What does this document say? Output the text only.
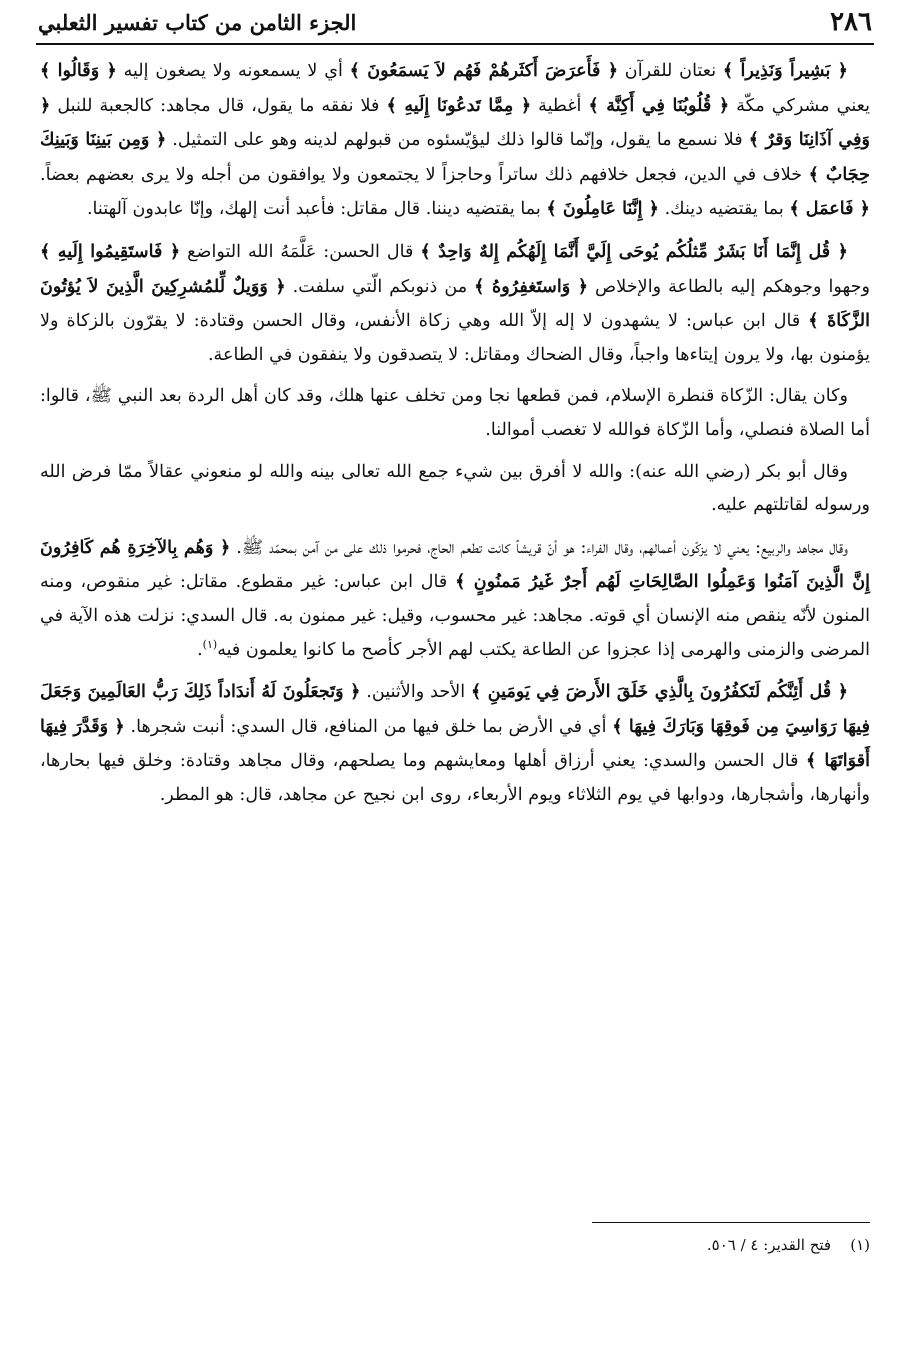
٢٨٦
الجزء الثامن من كتاب تفسير الثعلبي

﴿ بَشِيراً وَنَذِيراً ﴾ نعتان للقرآن ﴿ فَأَعرَضَ أَكثَرهُمْ فَهُم لاَ يَسمَعُونَ ﴾ أي لا يسمعونه ولا يصغون إليه ﴿ وَقَالُوا ﴾ يعني مشركي مكّة ﴿ قُلُوبُنَا فِي أَكِنَّة ﴾ أغطية ﴿ مِمَّا تَدعُونَا إِلَيهِ ﴾ فلا نفقه ما يقول، قال مجاهد: كالجعبة للنبل ﴿ وَفِي آذَانِنَا وَقرٌ ﴾ فلا نسمع ما يقول، وإنّما قالوا ذلك ليؤيّسئوه من قبولهم لدينه وهو على التمثيل. ﴿ وَمِن بَينِنَا وَبَينِكَ حِجَابٌ ﴾ خلاف في الدين، فجعل خلافهم ذلك ساتراً وحاجزاً لا يجتمعون ولا يوافقون من أجله ولا يرى بعضهم بعضاً. ﴿ فَاعمَل ﴾ بما يقتضيه دينك. ﴿ إِنَّنَا عَامِلُونَ ﴾ بما يقتضيه ديننا. قال مقاتل: فأعبد أنت إلهك، وإنّا عابدون آلهتنا.

﴿ قُل إِنَّمَا أَنَا بَشَرٌ مِّثلُكُم يُوحَى إِلَيَّ أَنَّمَا إِلَهُكُم إِلهٌ وَاحِدٌ ﴾ قال الحسن: عَلَّمَهُ الله التواضع ﴿ فَاستَقِيمُوا إِلَيهِ ﴾ وجهوا وجوهكم إليه بالطاعة والإخلاص ﴿ وَاستَغفِرُوهُ ﴾ من ذنوبكم الّتي سلفت. ﴿ وَوَيلٌ لِّلمُشرِكِينَ الَّذِينَ لاَ يُؤتُونَ الزَّكَاةَ ﴾ قال ابن عباس: لا يشهدون لا إله إلاّ الله وهي زكاة الأنفس، وقال الحسن وقتادة: لا يقرّون بالزكاة ولا يؤمنون بها، ولا يرون إيتاءها واجباً، وقال الضحاك ومقاتل: لا يتصدقون ولا ينفقون في الطاعة.

وكان يقال: الزّكاة قنطرة الإسلام، فمن قطعها نجا ومن تخلف عنها هلك، وقد كان أهل الردة بعد النبي ﷺ، قالوا: أما الصلاة فنصلي، وأما الزّكاة فوالله لا تغصب أموالنا.

وقال أبو بكر (رضي الله عنه): والله لا أفرق بين شيء جمع الله تعالى بينه والله لو منعوني عقالاً ممّا فرض الله ورسوله لقاتلتهم عليه.

وقال مجاهد والربيع: يعني لا يزكّون أعمالهم، وقال الفراء: هو أنّ قريشاً كانت تطعم الحاج، فحرموا ذلك على من آمن بمحمّد ﷺ. ﴿ وَهُم بِالآخِرَةِ هُم كَافِرُونَ إِنَّ الَّذِينَ آمَنُوا وَعَمِلُوا الصَّالِحَاتِ لَهُم أَجرٌ غَيرُ مَمنُونٍ ﴾ قال ابن عباس: غير مقطوع. مقاتل: غير منقوص، ومنه المنون لأنّه ينقص منه الإنسان أي قوته. مجاهد: غير محسوب، وقيل: غير ممنون به. قال السدي: نزلت هذه الآية في المرضى والزمنى والهرمى إذا عجزوا عن الطاعة يكتب لهم الأجر كأصح ما كانوا يعلمون فيه$^{(١)}$.

﴿ قُل أَئِنَّكُم لَتَكفُرُونَ بِالَّذِي خَلَقَ الأَرضَ فِي يَومَينِ ﴾ الأحد والأثنين. ﴿ وَتَجعَلُونَ لَهُ أَندَاداً ذَلِكَ رَبُّ العَالَمِينَ وَجَعَلَ فِيهَا رَوَاسِيَ مِن فَوقِهَا وَبَارَكَ فِيهَا ﴾ أي في الأرض بما خلق فيها من المنافع، قال السدي: أنبت شجرها. ﴿ وَقَدَّرَ فِيهَا أَقوَاتَهَا ﴾ قال الحسن والسدي: يعني أرزاق أهلها ومعايشهم وما يصلحهم، وقال مجاهد وقتادة: وخلق فيها بحارها، وأنهارها، وأشجارها، ودوابها في يوم الثلاثاء ويوم الأربعاء، روى ابن نجيح عن مجاهد، قال: هو المطر.

(١)    فتح القدير: ٤ / ٥٠٦.
